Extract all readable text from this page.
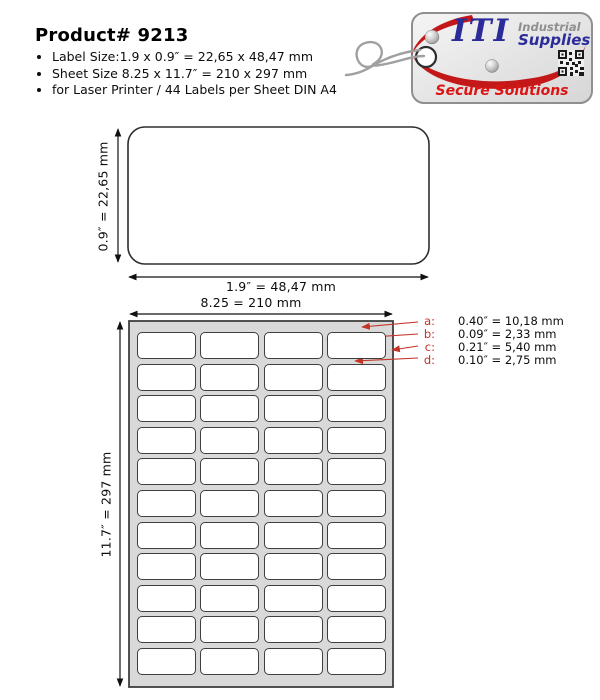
Product# 9213
• Label Size:1.9 x 0.9″ = 22,65 x 48,47 mm
• Sheet Size 8.25 x 11.7″ = 210 x 297 mm
• for Laser Printer / 44 Labels per Sheet DIN A4
ITI Industrial
Supplies
Secure Solutions
0.9″ = 22,65 mm
1.9″ = 48,47 mm
8.25 = 210 mm
11.7″ = 297 mm
a: 0.40″ = 10,18 mm
b: 0.09″ = 2,33 mm
c: 0.21″ = 5,40 mm
d: 0.10″ = 2,75 mm
